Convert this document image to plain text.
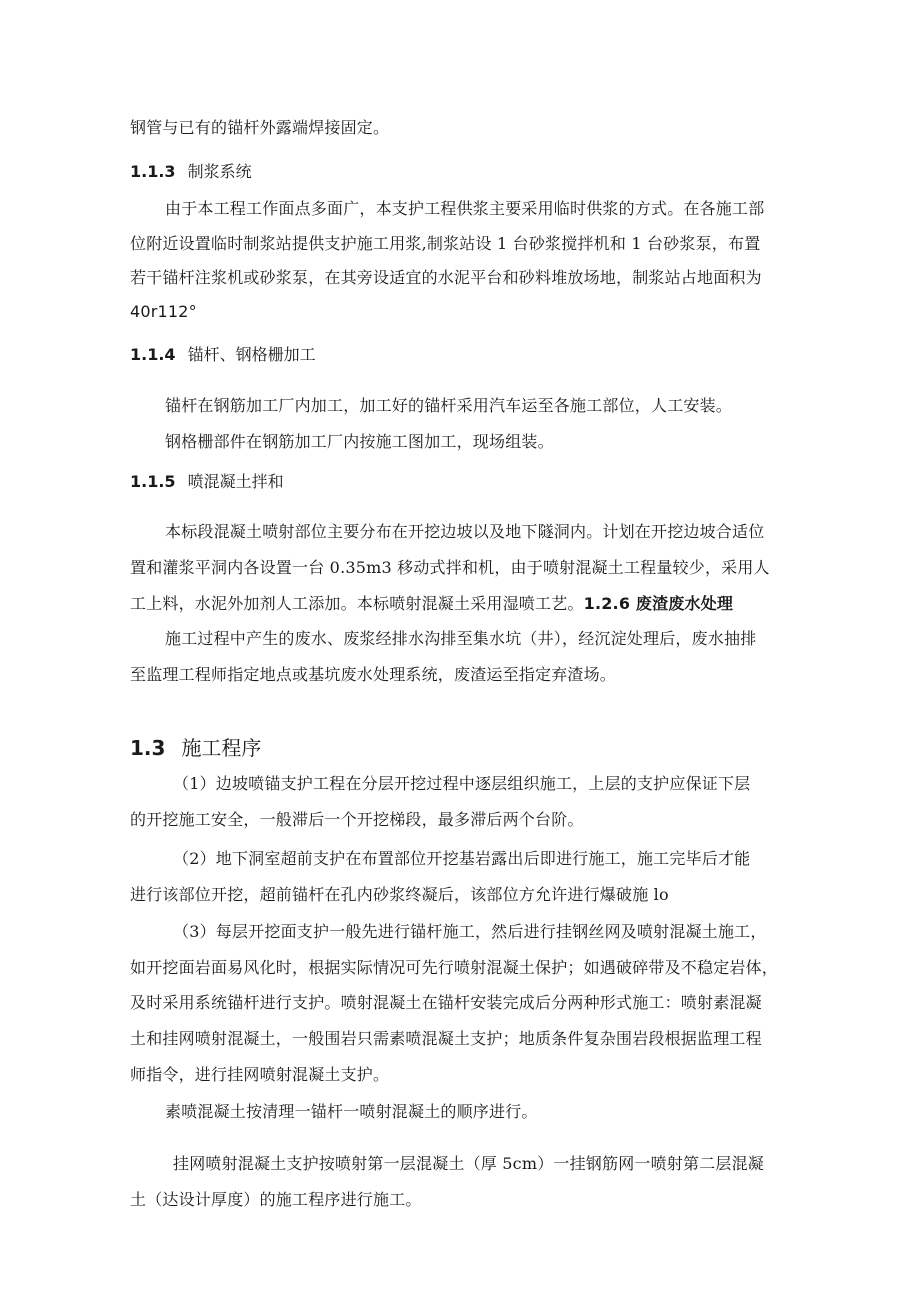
钢管与已有的锚杆外露端焊接固定。
1.1.3 制浆系统
由于本工程工作面点多面广，本支护工程供浆主要采用临时供浆的方式。在各施工部
位附近设置临时制浆站提供支护施工用浆,制浆站设 1 台砂浆搅拌机和 1 台砂浆泵，布置
若干锚杆注浆机或砂浆泵，在其旁设适宜的水泥平台和砂料堆放场地，制浆站占地面积为
40r112°
1.1.4 锚杆、钢格栅加工
锚杆在钢筋加工厂内加工，加工好的锚杆采用汽车运至各施工部位，人工安装。
钢格栅部件在钢筋加工厂内按施工图加工，现场组装。
1.1.5 喷混凝土拌和
本标段混凝土喷射部位主要分布在开挖边坡以及地下隧洞内。计划在开挖边坡合适位
置和灌浆平洞内各设置一台 0.35m3 移动式拌和机，由于喷射混凝土工程量较少，采用人
工上料，水泥外加剂人工添加。本标喷射混凝土采用湿喷工艺。1.2.6 废渣废水处理
施工过程中产生的废水、废浆经排水沟排至集水坑（井），经沉淀处理后，废水抽排
至监理工程师指定地点或基坑废水处理系统，废渣运至指定弃渣场。
1.3 施工程序
（1）边坡喷锚支护工程在分层开挖过程中逐层组织施工，上层的支护应保证下层
的开挖施工安全，一般滞后一个开挖梯段，最多滞后两个台阶。
（2）地下洞室超前支护在布置部位开挖基岩露出后即进行施工，施工完毕后才能
进行该部位开挖，超前锚杆在孔内砂浆终凝后，该部位方允许进行爆破施 lo
（3）每层开挖面支护一般先进行锚杆施工，然后进行挂钢丝网及喷射混凝土施工，
如开挖面岩面易风化时，根据实际情况可先行喷射混凝土保护；如遇破碎带及不稳定岩体，
及时采用系统锚杆进行支护。喷射混凝土在锚杆安装完成后分两种形式施工：喷射素混凝
土和挂网喷射混凝土，一般围岩只需素喷混凝土支护；地质条件复杂围岩段根据监理工程
师指令，进行挂网喷射混凝土支护。
素喷混凝土按清理一锚杆一喷射混凝土的顺序进行。
挂网喷射混凝土支护按喷射第一层混凝土（厚 5cm）一挂钢筋网一喷射第二层混凝
土（达设计厚度）的施工程序进行施工。
